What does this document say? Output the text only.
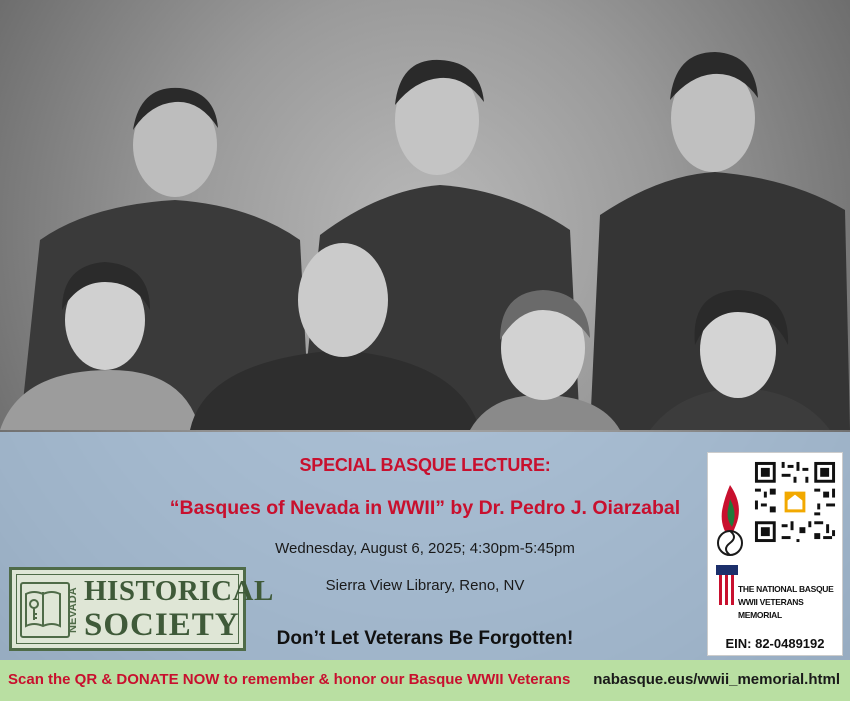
SPECIAL BASQUE LECTURE:
“Basques of Nevada in WWII” by Dr. Pedro J. Oiarzabal
Wednesday, August 6, 2025; 4:30pm-5:45pm
Sierra View Library, Reno, NV
Don’t Let Veterans Be Forgotten!
NEVADA HISTORICAL
SOCIETY
THE NATIONAL BASQUE
WWII VETERANS MEMORIAL
EIN: 82-0489192
Scan the QR & DONATE NOW to remember & honor our Basque WWII Veterans nabasque.eus/wwii_memorial.html
